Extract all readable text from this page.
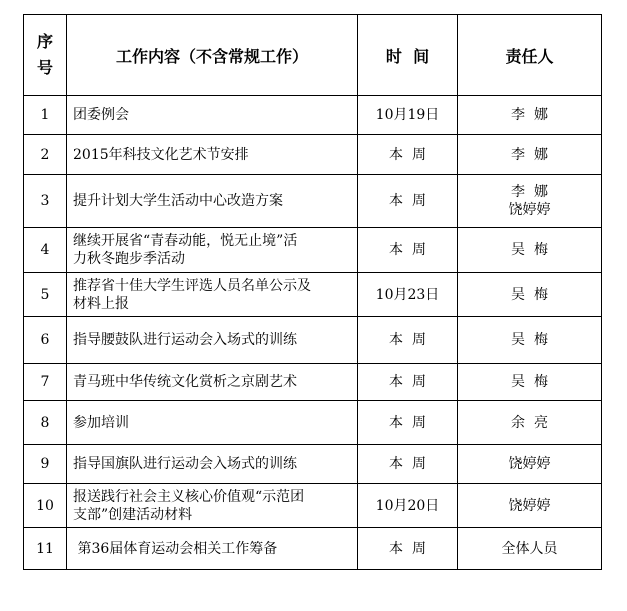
序
号	工作内容（不含常规工作）	时  间	责任人
1	团委例会	10月19日	李  娜

2	2015年科技文化艺术节安排	本  周	李  娜

3	提升计划大学生活动中心改造方案	本  周	李  娜
饶婷婷

4	继续开展省“青春动能，悦无止境”活
力秋冬跑步季活动	本  周	吴  梅

5	推荐省十佳大学生评选人员名单公示及
材料上报	10月23日	吴  梅

6	指导腰鼓队进行运动会入场式的训练	本  周	吴  梅

7	青马班中华传统文化赏析之京剧艺术	本  周	吴  梅

8	参加培训	本  周	余  亮

9	指导国旗队进行运动会入场式的训练	本  周	饶婷婷

10	报送践行社会主义核心价值观“示范团
支部”创建活动材料	10月20日	饶婷婷

11	第36届体育运动会相关工作筹备	本  周	全体人员
